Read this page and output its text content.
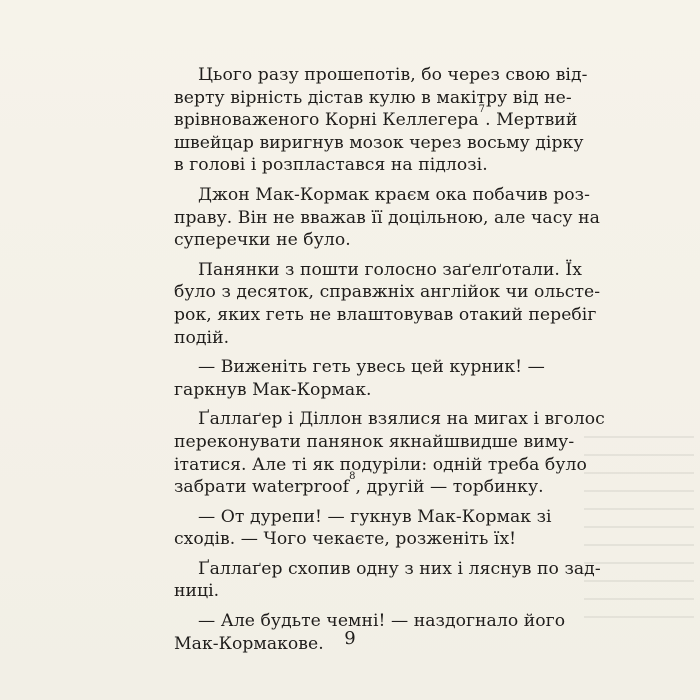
Цього разу прошепотів, бо через свою від-
верту вірність дістав кулю в макітру від не-
врівноваженого Корні Келлегера$^7$. Мертвий
швейцар виригнув мозок через восьму дірку
в голові і розпластався на підлозі.
Джон Мак-Кормак краєм ока побачив роз-
праву. Він не вважав її доцільною, але часу на
суперечки не було.
Панянки з пошти голосно заґелґотали. Їх
було з десяток, справжніх англійок чи ольсте-
рок, яких геть не влаштовував отакий перебіг
подій.
— Виженіть геть увесь цей курник! —
гаркнув Мак-Кормак.
Ґаллаґер і Діллон взялися на мигах і вголос
переконувати панянок якнайшвидше виму-
ітатися. Але ті як подуріли: одній треба було
забрати waterproof$^8$, другій — торбинку.
— От дурепи! — гукнув Мак-Кормак зі
сходів. — Чого чекаєте, розженіть їх!
Ґаллаґер схопив одну з них і ляснув по зад-
ниці.
— Але будьте чемні! — наздогнало його
Мак-Кормакове.	9
